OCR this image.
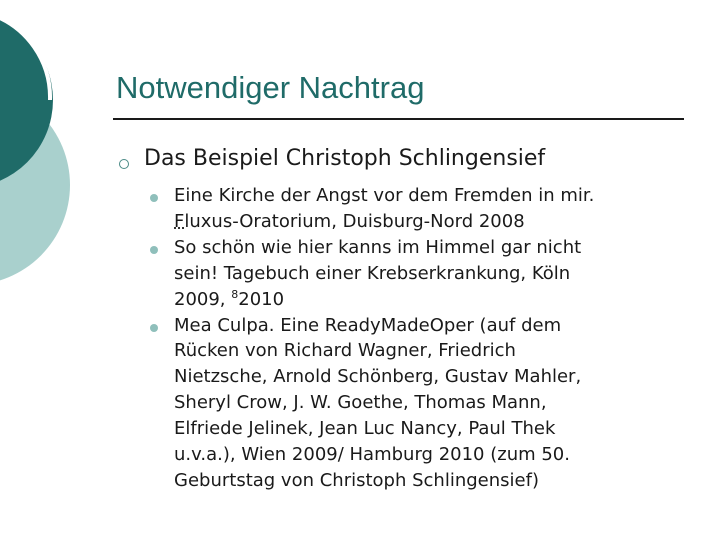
Notwendiger Nachtrag
Das Beispiel Christoph Schlingensief
Eine Kirche der Angst vor dem Fremden in mir.
Fluxus-Oratorium, Duisburg-Nord 2008
So schön wie hier kanns im Himmel gar nicht
sein! Tagebuch einer Krebserkrankung, Köln
2009, $^8$2010
Mea Culpa. Eine ReadyMadeOper (auf dem
Rücken von Richard Wagner, Friedrich
Nietzsche, Arnold Schönberg, Gustav Mahler,
Sheryl Crow, J. W. Goethe, Thomas Mann,
Elfriede Jelinek, Jean Luc Nancy, Paul Thek
u.v.a.), Wien 2009/ Hamburg 2010 (zum 50.
Geburtstag von Christoph Schlingensief)
